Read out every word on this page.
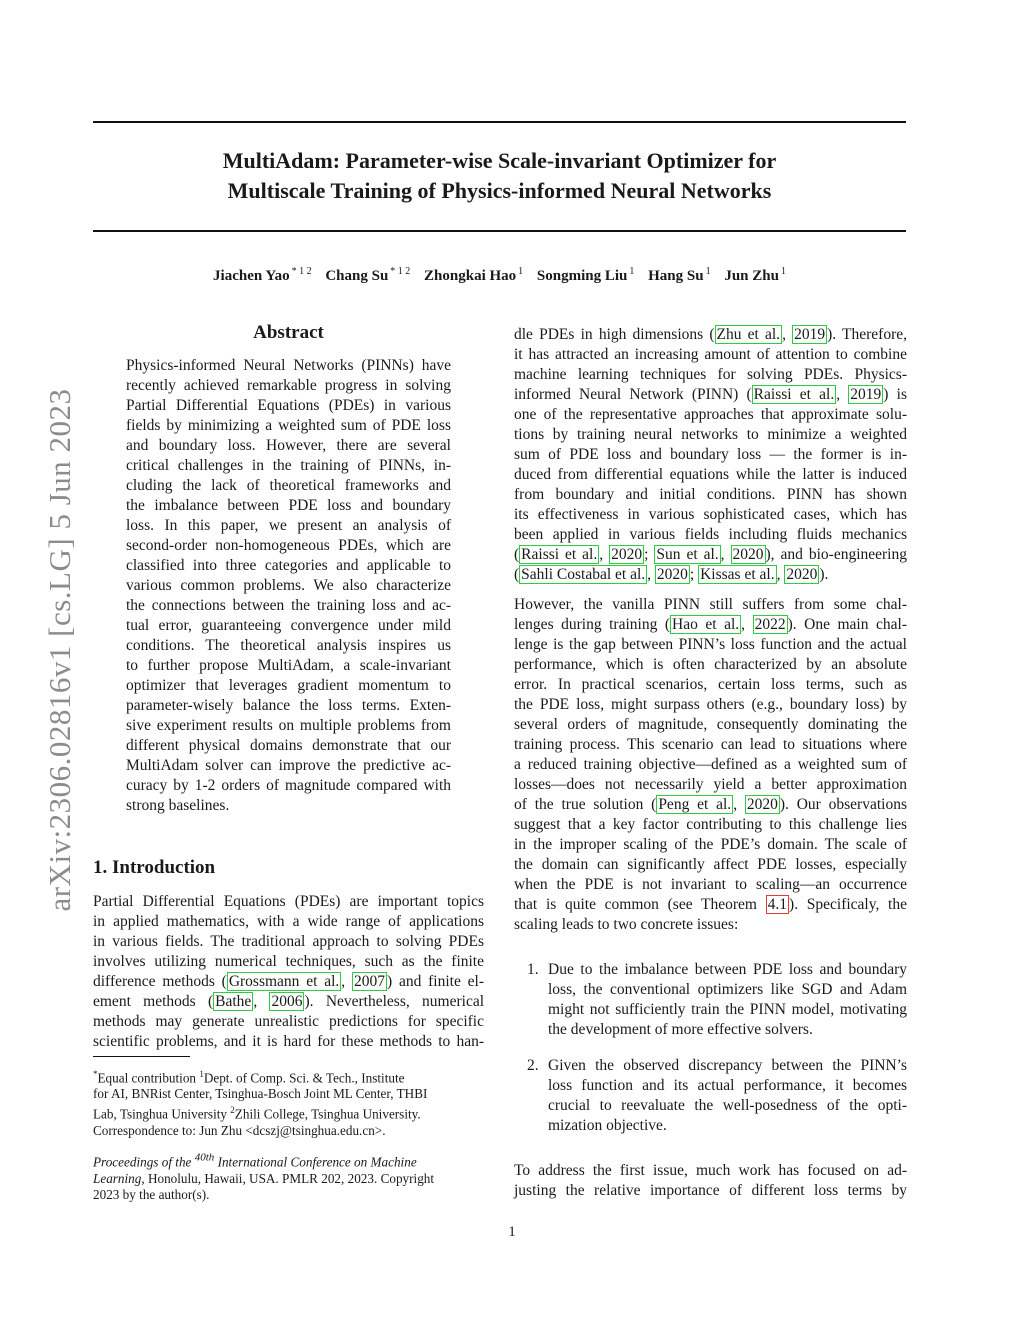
MultiAdam: Parameter-wise Scale-invariant Optimizer for
Multiscale Training of Physics-informed Neural Networks
Jiachen Yao $^{* 1 2}$ Chang Su $^{* 1 2}$ Zhongkai Hao $^1$ Songming Liu $^1$ Hang Su $^1$ Jun Zhu $^1$
arXiv:2306.02816v1 [cs.LG] 5 Jun 2023
Abstract
Physics-informed Neural Networks (PINNs) have
recently achieved remarkable progress in solving
Partial Differential Equations (PDEs) in various
fields by minimizing a weighted sum of PDE loss
and boundary loss. However, there are several
critical challenges in the training of PINNs, in-
cluding the lack of theoretical frameworks and
the imbalance between PDE loss and boundary
loss. In this paper, we present an analysis of
second-order non-homogeneous PDEs, which are
classified into three categories and applicable to
various common problems. We also characterize
the connections between the training loss and ac-
tual error, guaranteeing convergence under mild
conditions. The theoretical analysis inspires us
to further propose MultiAdam, a scale-invariant
optimizer that leverages gradient momentum to
parameter-wisely balance the loss terms. Exten-
sive experiment results on multiple problems from
different physical domains demonstrate that our
MultiAdam solver can improve the predictive ac-
curacy by 1-2 orders of magnitude compared with
strong baselines.
1. Introduction
Partial Differential Equations (PDEs) are important topics
in applied mathematics, with a wide range of applications
in various fields. The traditional approach to solving PDEs
involves utilizing numerical techniques, such as the finite
difference methods ( Grossmann et al. , 2007 ) and finite el-
ement methods ( Bathe , 2006 ). Nevertheless, numerical
methods may generate unrealistic predictions for specific
scientific problems, and it is hard for these methods to han-
dle PDEs in high dimensions ( Zhu et al. , 2019 ). Therefore,
it has attracted an increasing amount of attention to combine
machine learning techniques for solving PDEs. Physics-
informed Neural Network (PINN) ( Raissi et al. , 2019 ) is
one of the representative approaches that approximate solu-
tions by training neural networks to minimize a weighted
sum of PDE loss and boundary loss — the former is in-
duced from differential equations while the latter is induced
from boundary and initial conditions. PINN has shown
its effectiveness in various sophisticated cases, which has
been applied in various fields including fluids mechanics
( Raissi et al. , 2020 ; Sun et al. , 2020 ), and bio-engineering
( Sahli Costabal et al. , 2020 ; Kissas et al. , 2020 ).
However, the vanilla PINN still suffers from some chal-
lenges during training ( Hao et al. , 2022 ). One main chal-
lenge is the gap between PINN’s loss function and the actual
performance, which is often characterized by an absolute
error. In practical scenarios, certain loss terms, such as
the PDE loss, might surpass others (e.g., boundary loss) by
several orders of magnitude, consequently dominating the
training process. This scenario can lead to situations where
a reduced training objective—defined as a weighted sum of
losses—does not necessarily yield a better approximation
of the true solution ( Peng et al. , 2020 ). Our observations
suggest that a key factor contributing to this challenge lies
in the improper scaling of the PDE’s domain. The scale of
the domain can significantly affect PDE losses, especially
when the PDE is not invariant to scaling—an occurrence
that is quite common (see Theorem 4.1 ). Specificaly, the
scaling leads to two concrete issues:
1. Due to the imbalance between PDE loss and boundary
loss, the conventional optimizers like SGD and Adam
might not sufficiently train the PINN model, motivating
the development of more effective solvers.
2. Given the observed discrepancy between the PINN’s
loss function and its actual performance, it becomes
crucial to reevaluate the well-posedness of the opti-
mization objective.
To address the first issue, much work has focused on ad-
justing the relative importance of different loss terms by
*Equal contribution $^1$Dept. of Comp. Sci. & Tech., Institute
for AI, BNRist Center, Tsinghua-Bosch Joint ML Center, THBI
Lab, Tsinghua University $^2$Zhili College, Tsinghua University.
Correspondence to: Jun Zhu <dcszj@tsinghua.edu.cn>.
Proceedings of the $^{40th}$ International Conference on Machine
Learning, Honolulu, Hawaii, USA. PMLR 202, 2023. Copyright
2023 by the author(s).
1
